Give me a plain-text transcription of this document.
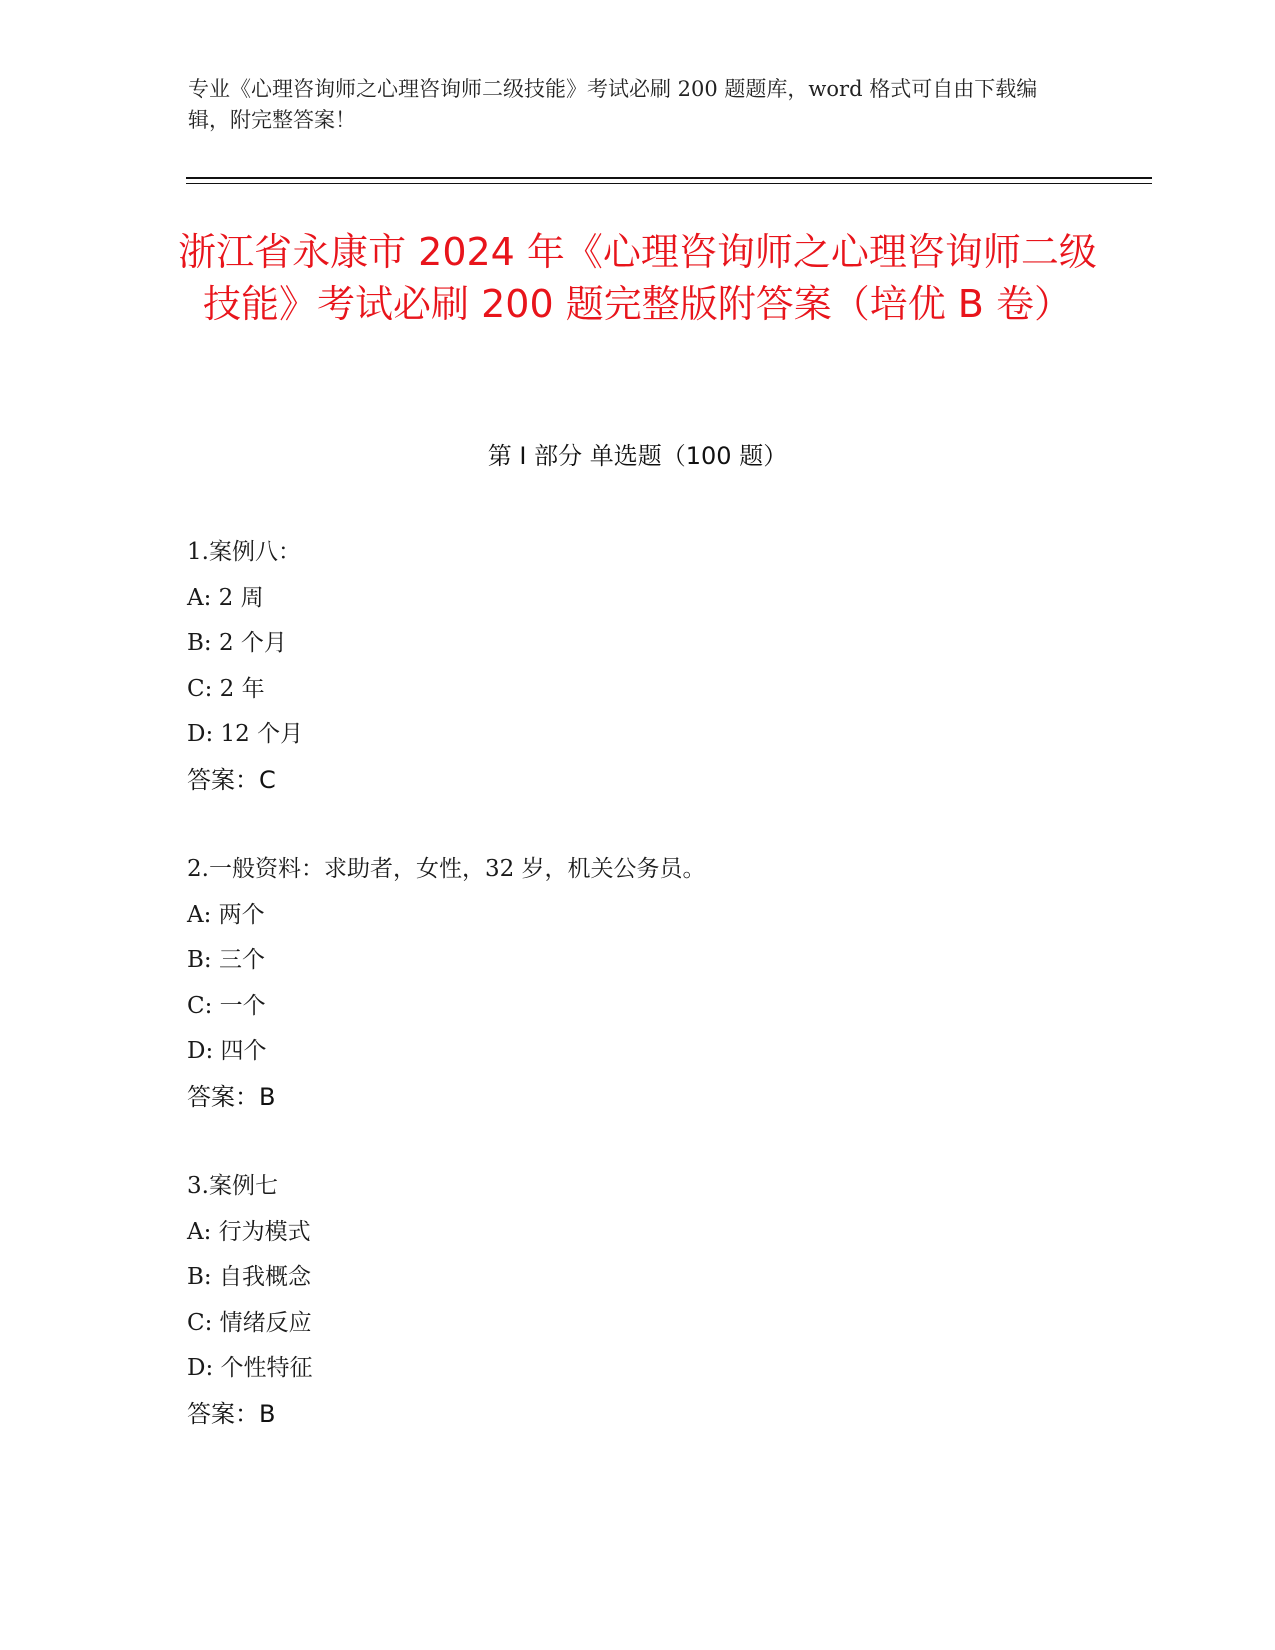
专业《心理咨询师之心理咨询师二级技能》考试必刷 200 题题库，word 格式可自由下载编辑，附完整答案！
浙江省永康市 2024 年《心理咨询师之心理咨询师二级技能》考试必刷 200 题完整版附答案（培优 B 卷）
第 I 部分 单选题（100 题）
1.案例八：
A: 2 周
B: 2 个月
C: 2 年
D: 12 个月
答案：C
2.一般资料：求助者，女性，32 岁，机关公务员。
A: 两个
B: 三个
C: 一个
D: 四个
答案：B
3.案例七
A: 行为模式
B: 自我概念
C: 情绪反应
D: 个性特征
答案：B
